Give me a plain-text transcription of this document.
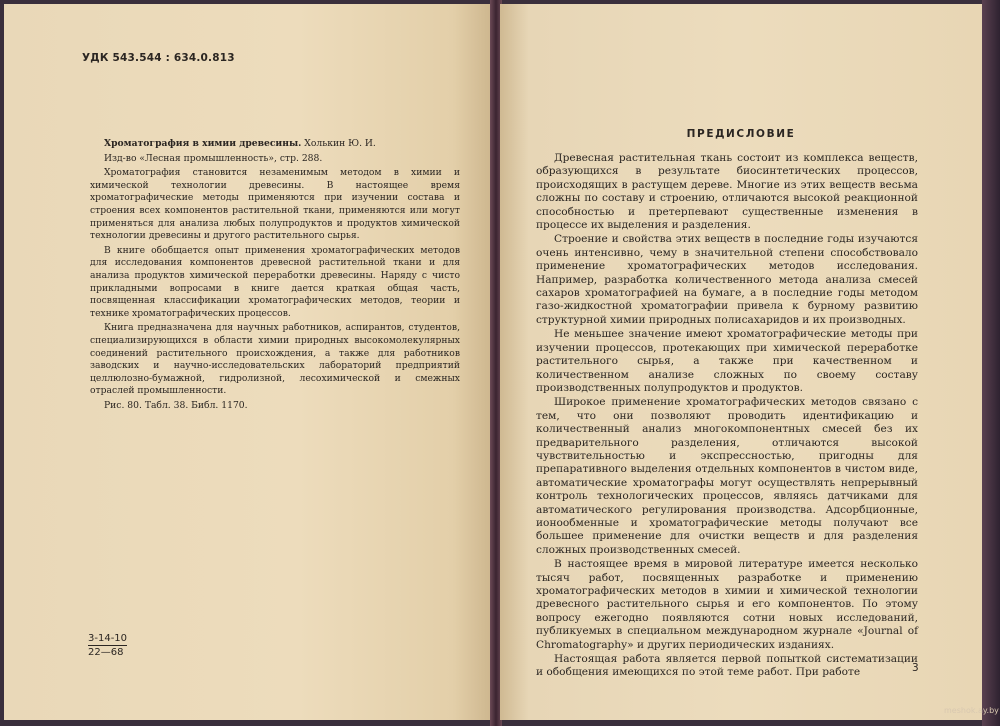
УДК 543.544 : 634.0.813

Хроматография в химии древесины. Холькин Ю. И.

Изд-во «Лесная промышленность», стр. 288.

Хроматография становится незаменимым методом в химии и химической технологии древесины. В настоящее время хроматографические методы применяются при изучении состава и строения всех компонентов растительной ткани, применяются или могут применяться для анализа любых полупродуктов и продуктов химической технологии древесины и другого растительного сырья.

В книге обобщается опыт применения хроматографических методов для исследования компонентов древесной растительной ткани и для анализа продуктов химической переработки древесины. Наряду с чисто прикладными вопросами в книге дается краткая общая часть, посвященная классификации хроматографических методов, теории и технике хроматографических процессов.

Книга предназначена для научных работников, аспирантов, студентов, специализирующихся в области химии природных высокомолекулярных соединений растительного происхождения, а также для работников заводских и научно-исследовательских лабораторий предприятий целлюлозно-бумажной, гидролизной, лесохимической и смежных отраслей промышленности.

Рис. 80. Табл. 38. Библ. 1170.

3-14-10
22—68
ПРЕДИСЛОВИЕ

Древесная растительная ткань состоит из комплекса веществ, образующихся в результате биосинтетических процессов, происходящих в растущем дереве. Многие из этих веществ весьма сложны по составу и строению, отличаются высокой реакционной способностью и претерпевают существенные изменения в процессе их выделения и разделения.

Строение и свойства этих веществ в последние годы изучаются очень интенсивно, чему в значительной степени способствовало применение хроматографических методов исследования. Например, разработка количественного метода анализа смесей сахаров хроматографией на бумаге, а в последние годы методом газо-жидкостной хроматографии привела к бурному развитию структурной химии природных полисахаридов и их производных.

Не меньшее значение имеют хроматографические методы при изучении процессов, протекающих при химической переработке растительного сырья, а также при качественном и количественном анализе сложных по своему составу производственных полупродуктов и продуктов.

Широкое применение хроматографических методов связано с тем, что они позволяют проводить идентификацию и количественный анализ многокомпонентных смесей без их предварительного разделения, отличаются высокой чувствительностью и экспрессностью, пригодны для препаративного выделения отдельных компонентов в чистом виде, автоматические хроматографы могут осуществлять непрерывный контроль технологических процессов, являясь датчиками для автоматического регулирования производства. Адсорбционные, ионообменные и хроматографические методы получают все большее применение для очистки веществ и для разделения сложных производственных смесей.

В настоящее время в мировой литературе имеется несколько тысяч работ, посвященных разработке и применению хроматографических методов в химии и химической технологии древесного растительного сырья и его компонентов. По этому вопросу ежегодно появляются сотни новых исследований, публикуемых в специальном международном журнале «Journal of Chromatography» и других периодических изданиях.

Настоящая работа является первой попыткой систематизации и обобщения имеющихся по этой теме работ. При работе	3
meshok.ay.by
